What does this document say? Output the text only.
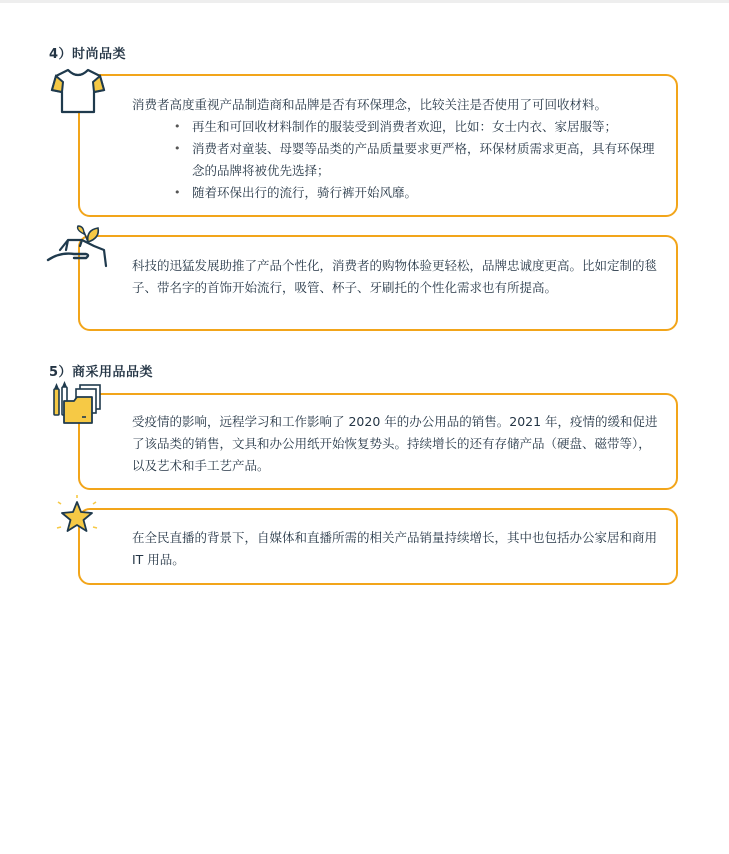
4）时尚品类
消费者高度重视产品制造商和品牌是否有环保理念，比较关注是否使用了可回收材料。
• 再生和可回收材料制作的服装受到消费者欢迎，比如：女士内衣、家居服等；
• 消费者对童装、母婴等品类的产品质量要求更严格，环保材质需求更高，具有环保理念的品牌将被优先选择；
• 随着环保出行的流行，骑行裤开始风靡。
科技的迅猛发展助推了产品个性化，消费者的购物体验更轻松，品牌忠诚度更高。比如定制的毯子、带名字的首饰开始流行，吸管、杯子、牙刷托的个性化需求也有所提高。
5）商采用品品类
受疫情的影响，远程学习和工作影响了 2020 年的办公用品的销售。2021 年，疫情的缓和促进了该品类的销售，文具和办公用纸开始恢复势头。持续增长的还有存储产品（硬盘、磁带等），以及艺术和手工艺产品。
在全民直播的背景下，自媒体和直播所需的相关产品销量持续增长，其中也包括办公家居和商用 IT 用品。
